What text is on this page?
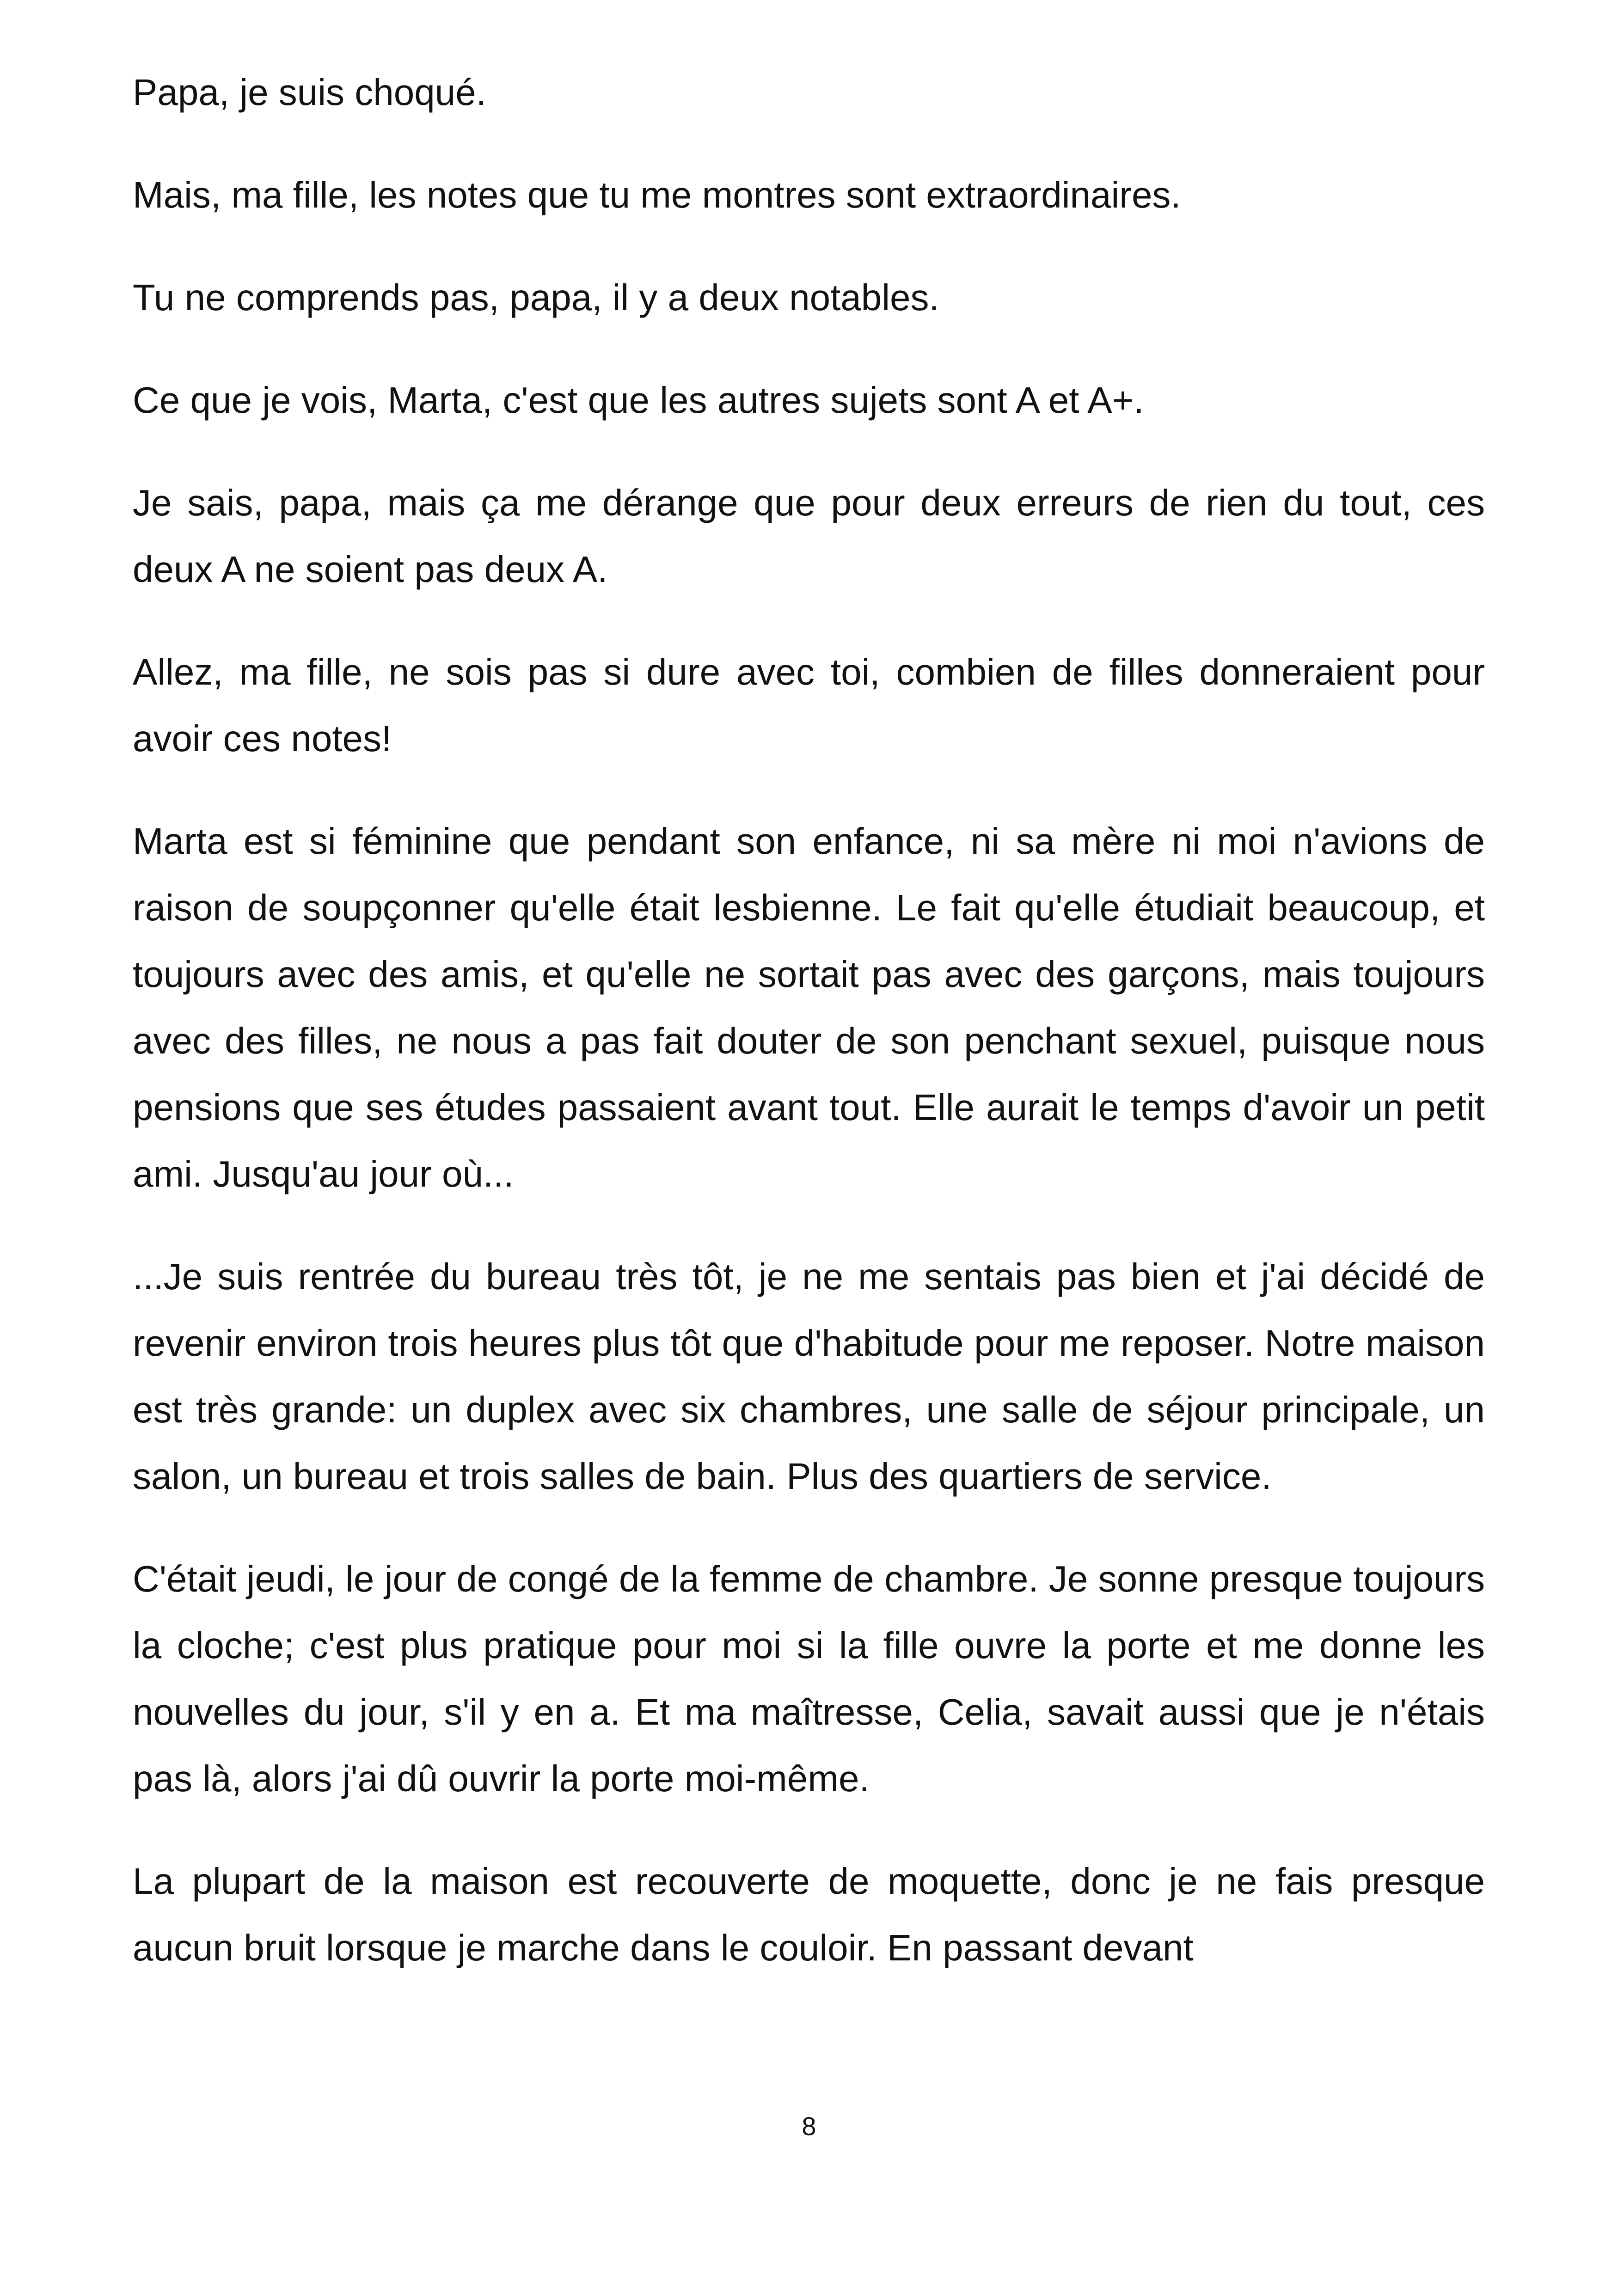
Papa, je suis choqué.

Mais, ma fille, les notes que tu me montres sont extraordinaires.

Tu ne comprends pas, papa, il y a deux notables.

Ce que je vois, Marta, c'est que les autres sujets sont A et A+.

Je sais, papa, mais ça me dérange que pour deux erreurs de rien du tout, ces deux A ne soient pas deux A.

Allez, ma fille, ne sois pas si dure avec toi, combien de filles donneraient pour avoir ces notes!

Marta est si féminine que pendant son enfance, ni sa mère ni moi n'avions de raison de soupçonner qu'elle était lesbienne. Le fait qu'elle étudiait beaucoup, et toujours avec des amis, et qu'elle ne sortait pas avec des garçons, mais toujours avec des filles, ne nous a pas fait douter de son penchant sexuel, puisque nous pensions que ses études passaient avant tout. Elle aurait le temps d'avoir un petit ami. Jusqu'au jour où...

...Je suis rentrée du bureau très tôt, je ne me sentais pas bien et j'ai décidé de revenir environ trois heures plus tôt que d'habitude pour me reposer. Notre maison est très grande: un duplex avec six chambres, une salle de séjour principale, un salon, un bureau et trois salles de bain. Plus des quartiers de service.

C'était jeudi, le jour de congé de la femme de chambre. Je sonne presque toujours la cloche; c'est plus pratique pour moi si la fille ouvre la porte et me donne les nouvelles du jour, s'il y en a. Et ma maîtresse, Celia, savait aussi que je n'étais pas là, alors j'ai dû ouvrir la porte moi-même.

La plupart de la maison est recouverte de moquette, donc je ne fais presque aucun bruit lorsque je marche dans le couloir. En passant devant

8
